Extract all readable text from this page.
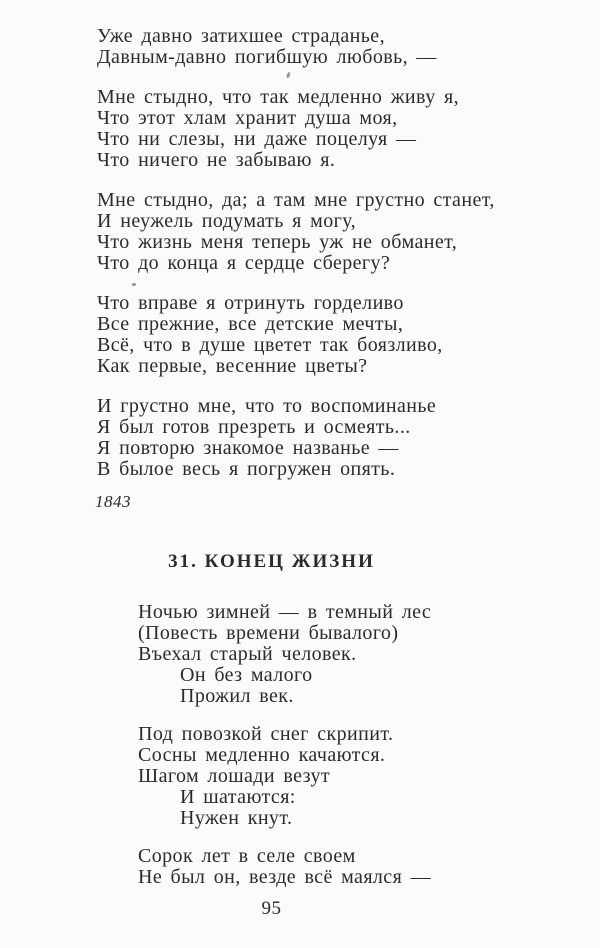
Уже давно затихшее страданье,
Давным-давно погибшую любовь, —
Мне стыдно, что так медленно живу я,
Что этот хлам хранит душа моя,
Что ни слезы, ни даже поцелуя —
Что ничего не забываю я.
Мне стыдно, да; а там мне грустно станет,
И неужель подумать я могу,
Что жизнь меня теперь уж не обманет,
Что до конца я сердце сберегу?
Что вправе я отринуть горделиво
Все прежние, все детские мечты,
Всё, что в душе цветет так боязливо,
Как первые, весенние цветы?
И грустно мне, что то воспоминанье
Я был готов презреть и осмеять...
Я повторю знакомое названье —
В былое весь я погружен опять.
1843
31. КОНЕЦ ЖИЗНИ
Ночью зимней — в темный лес
(Повесть времени бывалого)
Въехал старый человек.
Он без малого
Прожил век.
Под повозкой снег скрипит.
Сосны медленно качаются.
Шагом лошади везут
И шатаются:
Нужен кнут.
Сорок лет в селе своем
Не был он, везде всё маялся —
95
